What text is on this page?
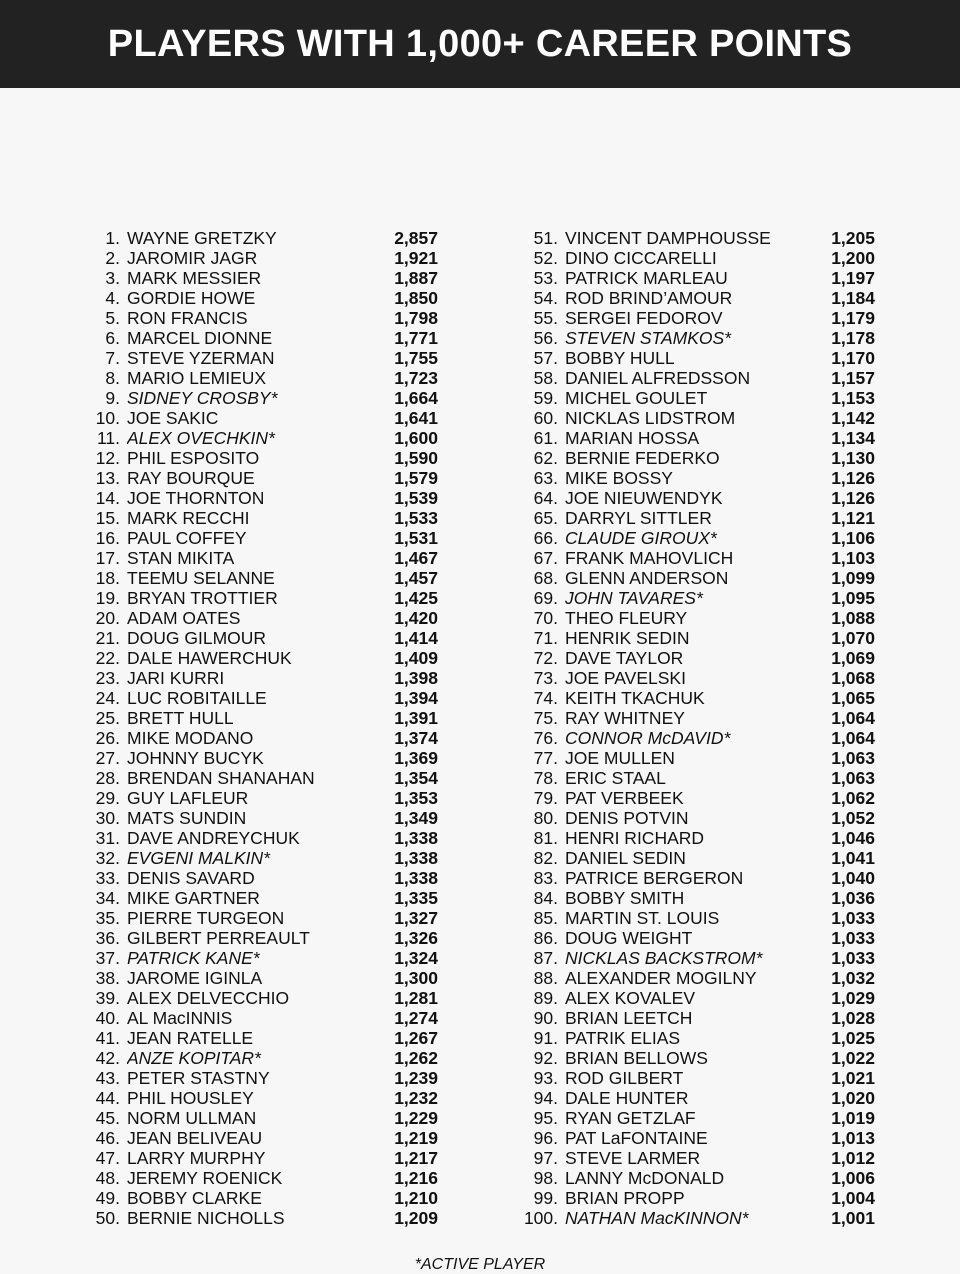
PLAYERS WITH 1,000+ CAREER POINTS
1. WAYNE GRETZKY	2,857
2. JAROMIR JAGR	1,921
3. MARK MESSIER	1,887
4. GORDIE HOWE	1,850
5. RON FRANCIS	1,798
6. MARCEL DIONNE	1,771
7. STEVE YZERMAN	1,755
8. MARIO LEMIEUX	1,723
9. SIDNEY CROSBY*	1,664
10. JOE SAKIC	1,641
11. ALEX OVECHKIN*	1,600
12. PHIL ESPOSITO	1,590
13. RAY BOURQUE	1,579
14. JOE THORNTON	1,539
15. MARK RECCHI	1,533
16. PAUL COFFEY	1,531
17. STAN MIKITA	1,467
18. TEEMU SELANNE	1,457
19. BRYAN TROTTIER	1,425
20. ADAM OATES	1,420
21. DOUG GILMOUR	1,414
22. DALE HAWERCHUK	1,409
23. JARI KURRI	1,398
24. LUC ROBITAILLE	1,394
25. BRETT HULL	1,391
26. MIKE MODANO	1,374
27. JOHNNY BUCYK	1,369
28. BRENDAN SHANAHAN	1,354
29. GUY LAFLEUR	1,353
30. MATS SUNDIN	1,349
31. DAVE ANDREYCHUK	1,338
32. EVGENI MALKIN*	1,338
33. DENIS SAVARD	1,338
34. MIKE GARTNER	1,335
35. PIERRE TURGEON	1,327
36. GILBERT PERREAULT	1,326
37. PATRICK KANE*	1,324
38. JAROME IGINLA	1,300
39. ALEX DELVECCHIO	1,281
40. AL MacINNIS	1,274
41. JEAN RATELLE	1,267
42. ANZE KOPITAR*	1,262
43. PETER STASTNY	1,239
44. PHIL HOUSLEY	1,232
45. NORM ULLMAN	1,229
46. JEAN BELIVEAU	1,219
47. LARRY MURPHY	1,217
48. JEREMY ROENICK	1,216
49. BOBBY CLARKE	1,210
50. BERNIE NICHOLLS	1,209
51. VINCENT DAMPHOUSSE	1,205
52. DINO CICCARELLI	1,200
53. PATRICK MARLEAU	1,197
54. ROD BRIND’AMOUR	1,184
55. SERGEI FEDOROV	1,179
56. STEVEN STAMKOS*	1,178
57. BOBBY HULL	1,170
58. DANIEL ALFREDSSON	1,157
59. MICHEL GOULET	1,153
60. NICKLAS LIDSTROM	1,142
61. MARIAN HOSSA	1,134
62. BERNIE FEDERKO	1,130
63. MIKE BOSSY	1,126
64. JOE NIEUWENDYK	1,126
65. DARRYL SITTLER	1,121
66. CLAUDE GIROUX*	1,106
67. FRANK MAHOVLICH	1,103
68. GLENN ANDERSON	1,099
69. JOHN TAVARES*	1,095
70. THEO FLEURY	1,088
71. HENRIK SEDIN	1,070
72. DAVE TAYLOR	1,069
73. JOE PAVELSKI	1,068
74. KEITH TKACHUK	1,065
75. RAY WHITNEY	1,064
76. CONNOR McDAVID*	1,064
77. JOE MULLEN	1,063
78. ERIC STAAL	1,063
79. PAT VERBEEK	1,062
80. DENIS POTVIN	1,052
81. HENRI RICHARD	1,046
82. DANIEL SEDIN	1,041
83. PATRICE BERGERON	1,040
84. BOBBY SMITH	1,036
85. MARTIN ST. LOUIS	1,033
86. DOUG WEIGHT	1,033
87. NICKLAS BACKSTROM*	1,033
88. ALEXANDER MOGILNY	1,032
89. ALEX KOVALEV	1,029
90. BRIAN LEETCH	1,028
91. PATRIK ELIAS	1,025
92. BRIAN BELLOWS	1,022
93. ROD GILBERT	1,021
94. DALE HUNTER	1,020
95. RYAN GETZLAF	1,019
96. PAT LaFONTAINE	1,013
97. STEVE LARMER	1,012
98. LANNY McDONALD	1,006
99. BRIAN PROPP	1,004
100. NATHAN MacKINNON*	1,001
*ACTIVE PLAYER
